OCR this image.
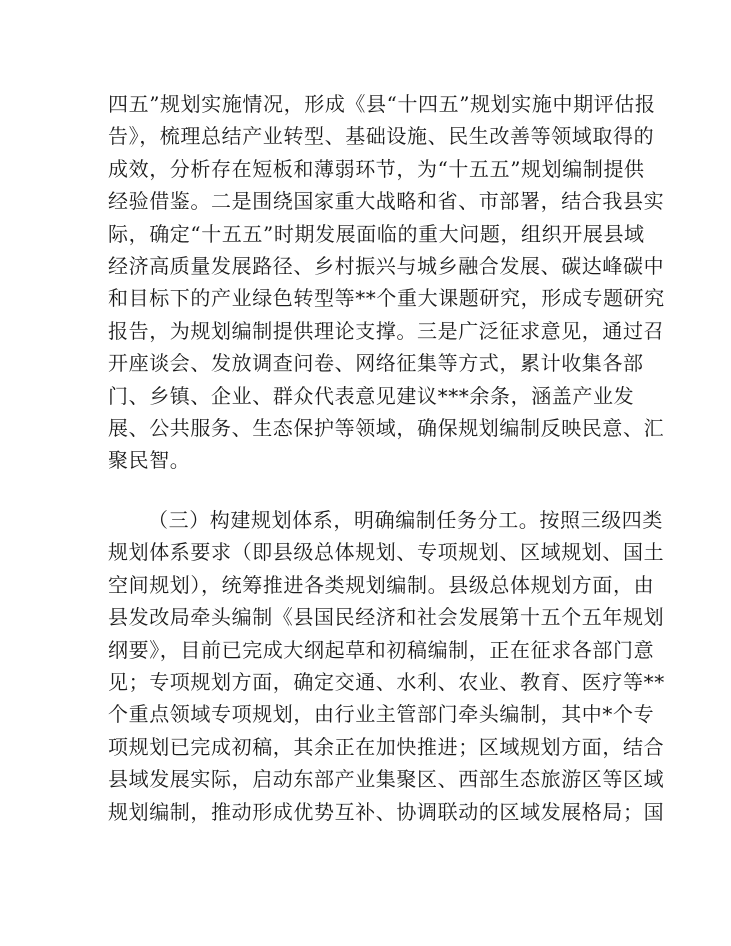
四五”规划实施情况，形成《县“十四五”规划实施中期评估报
告》，梳理总结产业转型、基础设施、民生改善等领域取得的
成效，分析存在短板和薄弱环节，为“十五五”规划编制提供
经验借鉴。二是围绕国家重大战略和省、市部署，结合我县实
际，确定“十五五”时期发展面临的重大问题，组织开展县域
经济高质量发展路径、乡村振兴与城乡融合发展、碳达峰碳中
和目标下的产业绿色转型等**个重大课题研究，形成专题研究
报告，为规划编制提供理论支撑。三是广泛征求意见，通过召
开座谈会、发放调查问卷、网络征集等方式，累计收集各部
门、乡镇、企业、群众代表意见建议***余条，涵盖产业发
展、公共服务、生态保护等领域，确保规划编制反映民意、汇
聚民智。
（三）构建规划体系，明确编制任务分工。按照三级四类
规划体系要求（即县级总体规划、专项规划、区域规划、国土
空间规划），统筹推进各类规划编制。县级总体规划方面，由
县发改局牵头编制《县国民经济和社会发展第十五个五年规划
纲要》，目前已完成大纲起草和初稿编制，正在征求各部门意
见；专项规划方面，确定交通、水利、农业、教育、医疗等**
个重点领域专项规划，由行业主管部门牵头编制，其中*个专
项规划已完成初稿，其余正在加快推进；区域规划方面，结合
县域发展实际，启动东部产业集聚区、西部生态旅游区等区域
规划编制，推动形成优势互补、协调联动的区域发展格局；国
